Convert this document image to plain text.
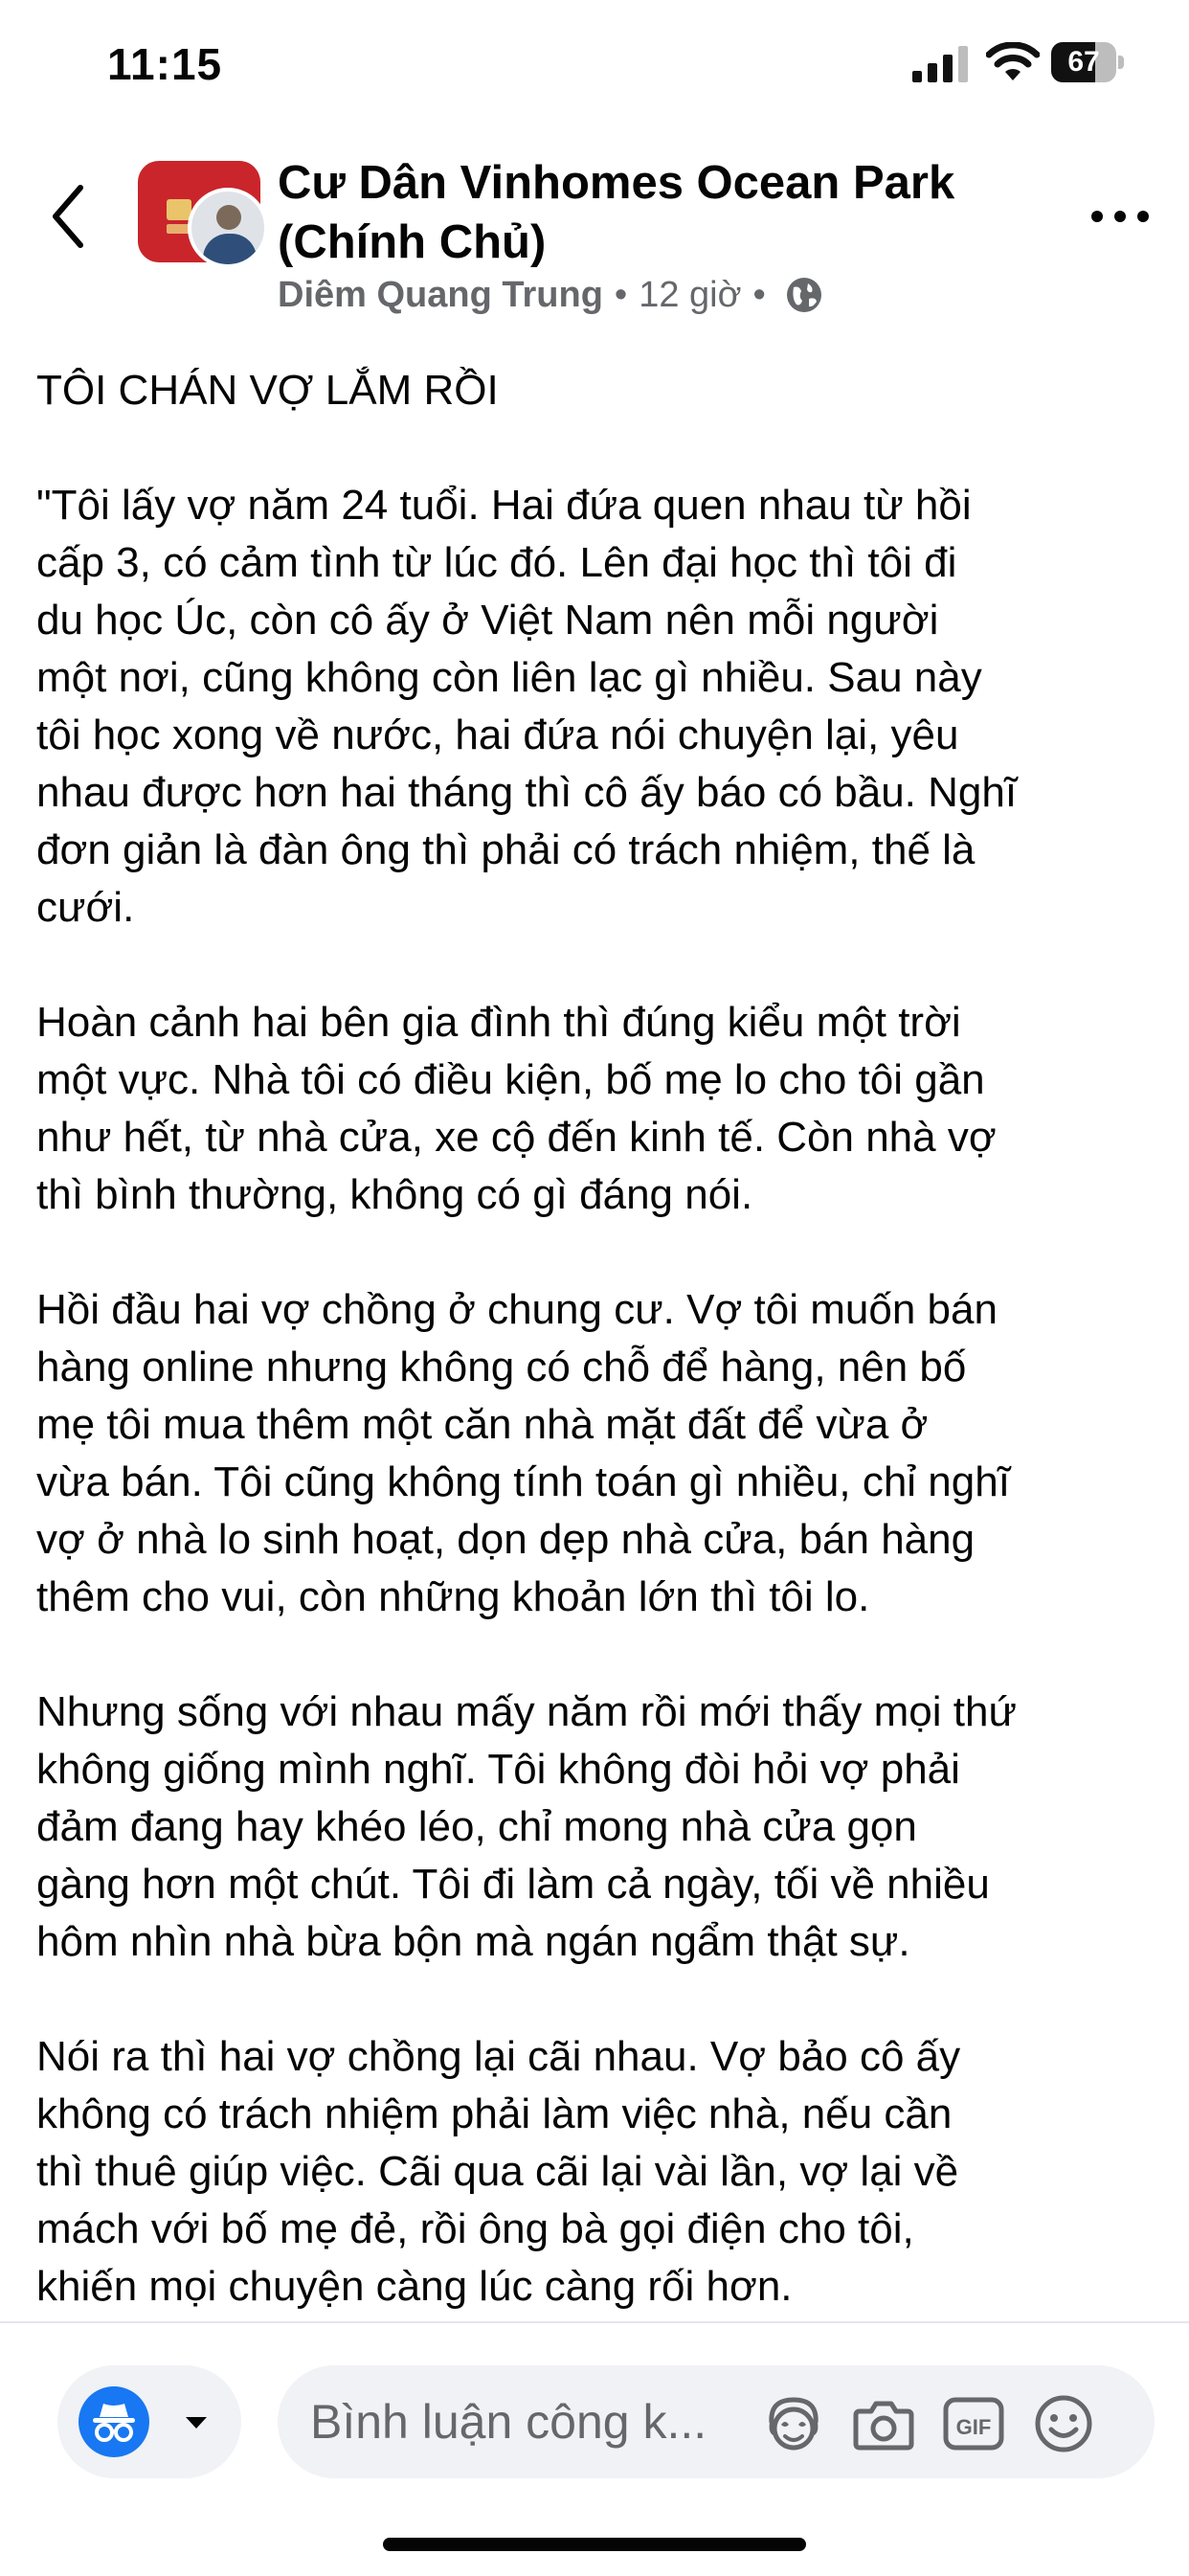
11:15	67
Cư Dân Vinhomes Ocean Park (Chính Chủ)
Diêm Quang Trung • 12 giờ •

TÔI CHÁN VỢ LẮM RỒI

"Tôi lấy vợ năm 24 tuổi. Hai đứa quen nhau từ hồi
cấp 3, có cảm tình từ lúc đó. Lên đại học thì tôi đi
du học Úc, còn cô ấy ở Việt Nam nên mỗi người
một nơi, cũng không còn liên lạc gì nhiều. Sau này
tôi học xong về nước, hai đứa nói chuyện lại, yêu
nhau được hơn hai tháng thì cô ấy báo có bầu. Nghĩ
đơn giản là đàn ông thì phải có trách nhiệm, thế là
cưới.

Hoàn cảnh hai bên gia đình thì đúng kiểu một trời
một vực. Nhà tôi có điều kiện, bố mẹ lo cho tôi gần
như hết, từ nhà cửa, xe cộ đến kinh tế. Còn nhà vợ
thì bình thường, không có gì đáng nói.

Hồi đầu hai vợ chồng ở chung cư. Vợ tôi muốn bán
hàng online nhưng không có chỗ để hàng, nên bố
mẹ tôi mua thêm một căn nhà mặt đất để vừa ở
vừa bán. Tôi cũng không tính toán gì nhiều, chỉ nghĩ
vợ ở nhà lo sinh hoạt, dọn dẹp nhà cửa, bán hàng
thêm cho vui, còn những khoản lớn thì tôi lo.

Nhưng sống với nhau mấy năm rồi mới thấy mọi thứ
không giống mình nghĩ. Tôi không đòi hỏi vợ phải
đảm đang hay khéo léo, chỉ mong nhà cửa gọn
gàng hơn một chút. Tôi đi làm cả ngày, tối về nhiều
hôm nhìn nhà bừa bộn mà ngán ngẩm thật sự.

Nói ra thì hai vợ chồng lại cãi nhau. Vợ bảo cô ấy
không có trách nhiệm phải làm việc nhà, nếu cần
thì thuê giúp việc. Cãi qua cãi lại vài lần, vợ lại về
mách với bố mẹ đẻ, rồi ông bà gọi điện cho tôi,
khiến mọi chuyện càng lúc càng rối hơn.

Bình luận công k...
GIF
